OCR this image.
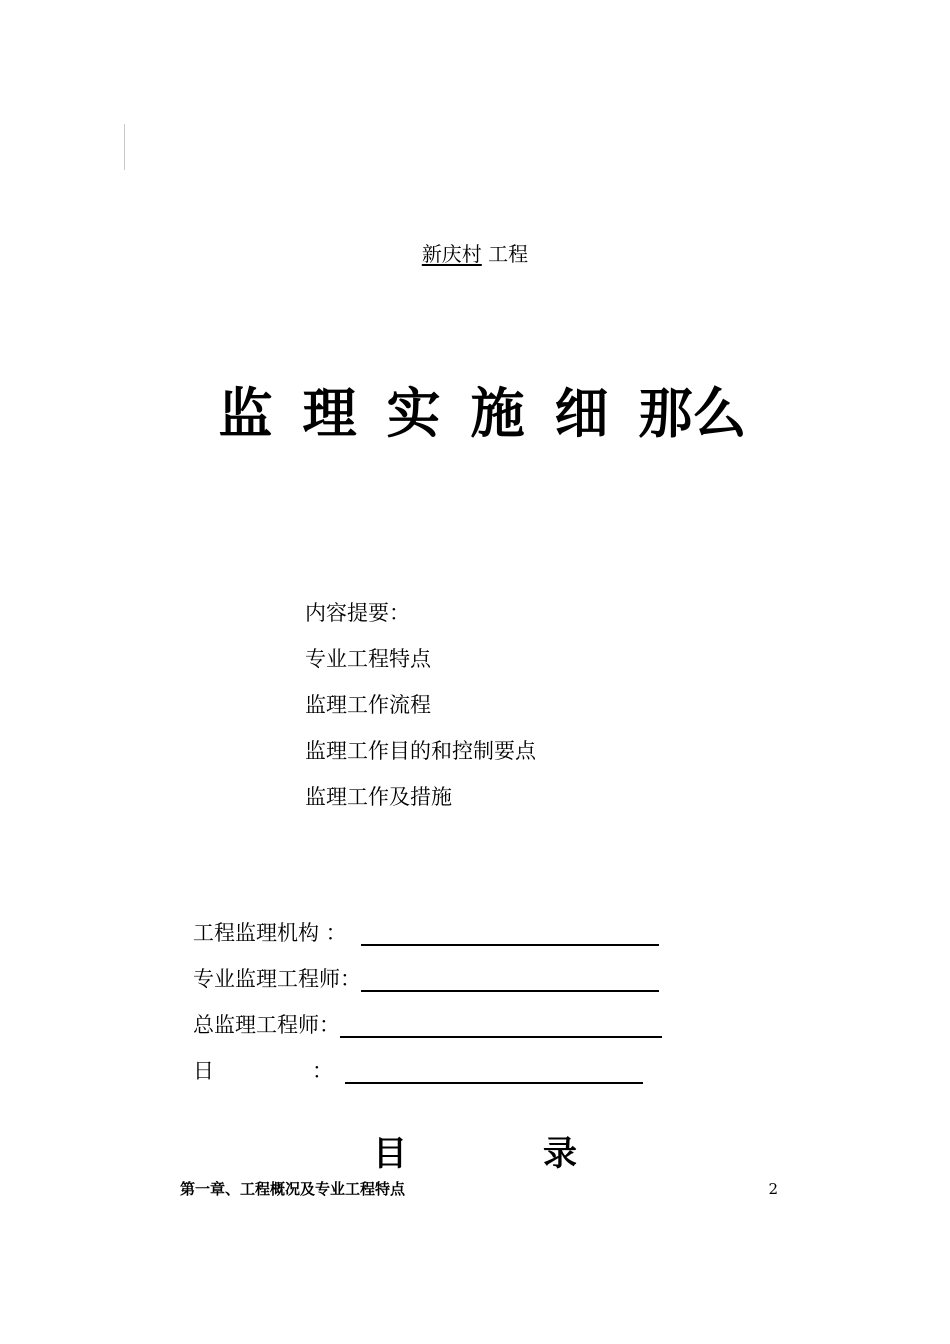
新庆村 工程
监 理 实 施 细 那么
内容提要：
专业工程特点
监理工作流程
监理工作目的和控制要点
监理工作及措施
工程监理机构 ：
专业监理工程师：
总监理工程师：
日	：
目	录
第一章、工程概况及专业工程特点	2
